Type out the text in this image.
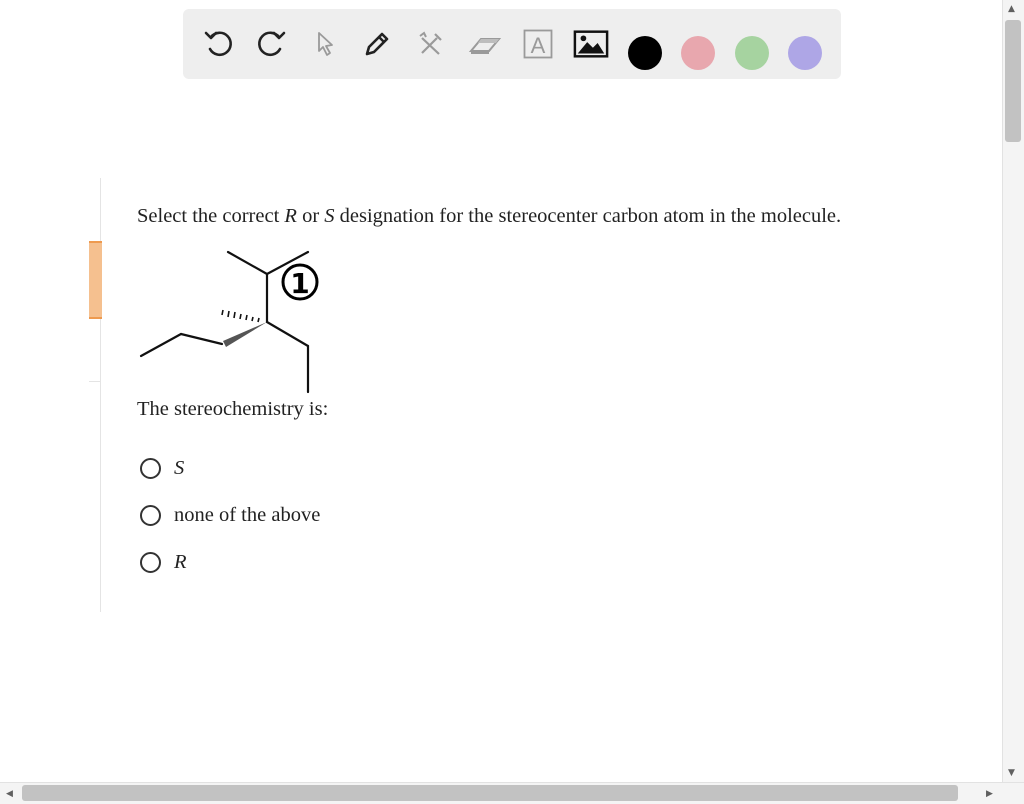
A
Select the correct R or S designation for the stereocenter carbon atom in the molecule.
1
The stereochemistry is:
S
none of the above
R
▲
▼
◀	▶
